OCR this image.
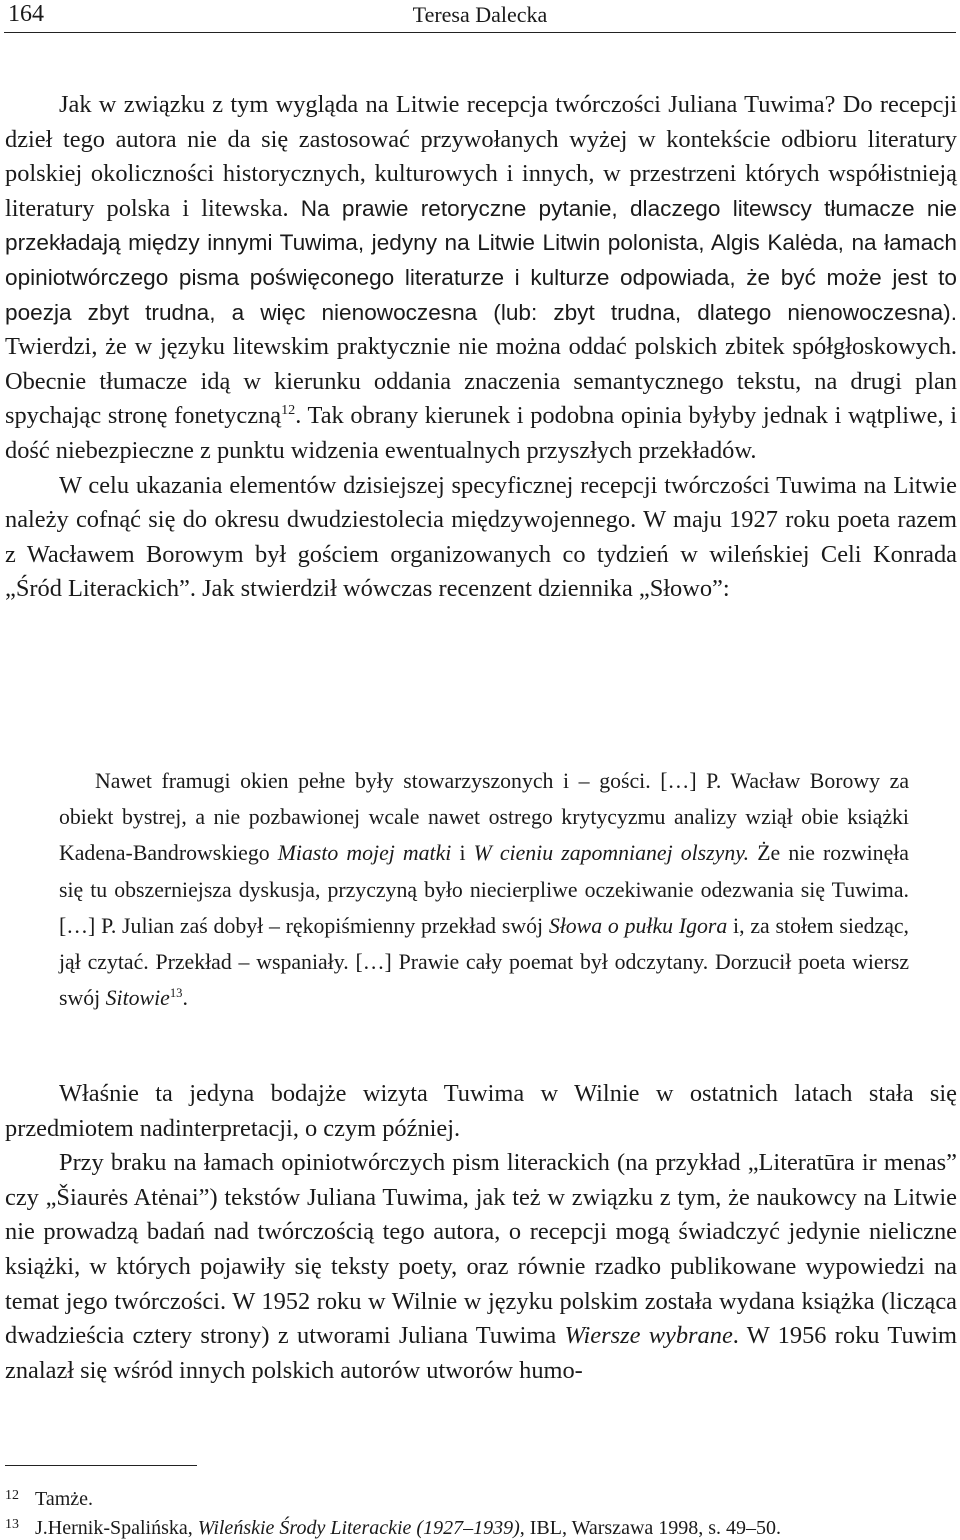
164	Teresa Dalecka

Jak w związku z tym wygląda na Litwie recepcja twórczości Juliana Tuwima? Do recepcji dzieł tego autora nie da się zastosować przywołanych wyżej w kontekście odbioru literatury polskiej okoliczności historycznych, kulturowych i innych, w przestrzeni których współistnieją literatury polska i litewska. Na prawie retoryczne pytanie, dlaczego litewscy tłumacze nie przekładają między innymi Tuwima, jedyny na Litwie Litwin polonista, Algis Kalėda, na łamach opiniotwórczego pisma poświęconego literaturze i kulturze odpowiada, że być może jest to poezja zbyt trudna, a więc nienowoczesna (lub: zbyt trudna, dlatego nienowoczesna). Twierdzi, że w języku litewskim praktycznie nie można oddać polskich zbitek spółgłoskowych. Obecnie tłumacze idą w kierunku oddania znaczenia semantycznego tekstu, na drugi plan spychając stronę fonetyczną$^{12}$. Tak obrany kierunek i podobna opinia byłyby jednak i wątpliwe, i dość niebezpieczne z punktu widzenia ewentualnych przyszłych przekładów.

W celu ukazania elementów dzisiejszej specyficznej recepcji twórczości Tuwima na Litwie należy cofnąć się do okresu dwudziestolecia międzywojennego. W maju 1927 roku poeta razem z Wacławem Borowym był gościem organizowanych co tydzień w wileńskiej Celi Konrada „Śród Literackich”. Jak stwierdził wówczas recenzent dziennika „Słowo”:

Nawet framugi okien pełne były stowarzyszonych i – gości. […] P. Wacław Borowy za obiekt bystrej, a nie pozbawionej wcale nawet ostrego krytycyzmu analizy wziął obie książki Kadena-Bandrowskiego Miasto mojej matki i W cieniu zapomnianej olszyny. Że nie rozwinęła się tu obszerniejsza dyskusja, przyczyną było niecierpliwe oczekiwanie odezwania się Tuwima. […] P. Julian zaś dobył – rękopiśmienny przekład swój Słowa o pułku Igora i, za stołem siedząc, jął czytać. Przekład – wspaniały. […] Prawie cały poemat był odczytany. Dorzucił poeta wiersz swój Sitowie$^{13}$.

Właśnie ta jedyna bodajże wizyta Tuwima w Wilnie w ostatnich latach stała się przedmiotem nadinterpretacji, o czym później.

Przy braku na łamach opiniotwórczych pism literackich (na przykład „Literatūra ir menas” czy „Šiaurės Atėnai”) tekstów Juliana Tuwima, jak też w związku z tym, że naukowcy na Litwie nie prowadzą badań nad twórczością tego autora, o recepcji mogą świadczyć jedynie nieliczne książki, w których pojawiły się teksty poety, oraz równie rzadko publikowane wypowiedzi na temat jego twórczości. W 1952 roku w Wilnie w języku polskim została wydana książka (licząca dwadzieścia cztery strony) z utworami Juliana Tuwima Wiersze wybrane. W 1956 roku Tuwim znalazł się wśród innych polskich autorów utworów humo-

12 Tamże.
13 J.Hernik-Spalińska, Wileńskie Środy Literackie (1927–1939), IBL, Warszawa 1998, s. 49–50.
